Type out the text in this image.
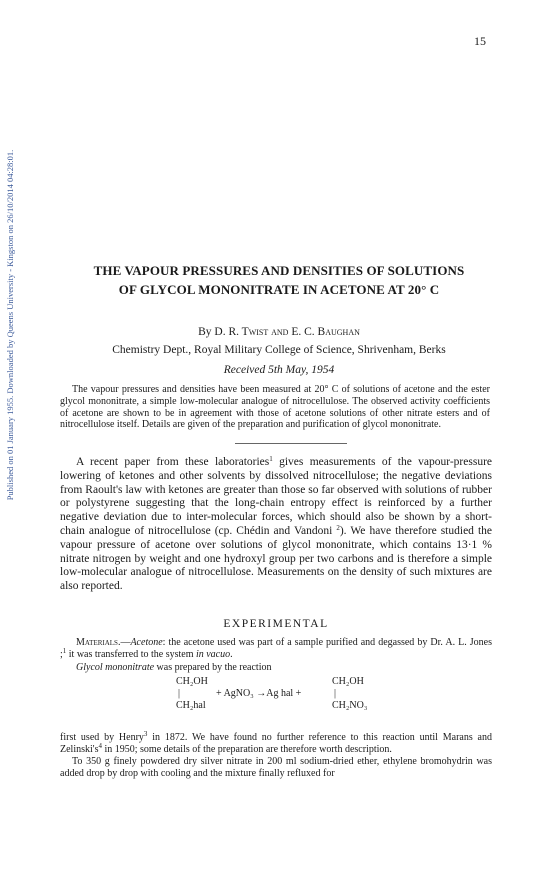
15
Published on 01 January 1955. Downloaded by Queens University - Kingston on 26/10/2014 04:28:01.	THE VAPOUR PRESSURES AND DENSITIES OF SOLUTIONS
OF GLYCOL MONONITRATE IN ACETONE AT 20° C
By D. R. Twist and E. C. Baughan
Chemistry Dept., Royal Military College of Science, Shrivenham, Berks
Received 5th May, 1954
The vapour pressures and densities have been measured at 20° C of solutions of acetone and the ester glycol mononitrate, a simple low-molecular analogue of nitrocellulose. The observed activity coefficients of acetone are shown to be in agreement with those of acetone solutions of other nitrate esters and of nitrocellulose itself. Details are given of the preparation and purification of glycol mononitrate.
A recent paper from these laboratories$^1$ gives measurements of the vapour-pressure lowering of ketones and other solvents by dissolved nitrocellulose; the negative deviations from Raoult's law with ketones are greater than those so far observed with solutions of rubber or polystyrene suggesting that the long-chain entropy effect is reinforced by a further negative deviation due to inter-molecular forces, which should also be shown by a short-chain analogue of nitrocellulose (cp. Chédin and Vandoni $^2$). We have therefore studied the vapour pressure of acetone over solutions of glycol mononitrate, which contains 13·1 % nitrate nitrogen by weight and one hydroxyl group per two carbons and is therefore a simple low-molecular analogue of nitrocellulose. Measurements on the density of such mixtures are also reported.
EXPERIMENTAL
Materials.—Acetone: the acetone used was part of a sample purified and degassed by Dr. A. L. Jones ;$^1$ it was transferred to the system in vacuo.
Glycol mononitrate was prepared by the reaction
CH₂OH
|
CH₂hal
+ AgNO₃ →Ag hal +
CH₂OH
|
CH₂NO₃

first used by Henry$^3$ in 1872. We have found no further reference to this reaction until Marans and $Zelinski's^4$ in 1950; some details of the preparation are therefore worth description.

To 350 g finely powdered dry silver nitrate in 200 ml sodium-dried ether, ethylene bromohydrin was added drop by drop with cooling and the mixture finally refluxed for
